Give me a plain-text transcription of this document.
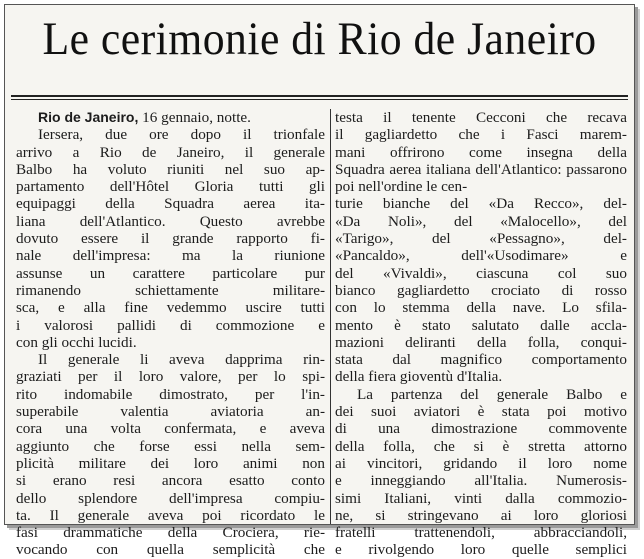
Le cerimonie di Rio de Janeiro
Rio de Janeiro, 16 gennaio, notte.
Iersera, due ore dopo il trionfale
arrivo a Rio de Janeiro, il generale
Balbo ha voluto riuniti nel suo ap-
partamento dell'Hôtel Gloria tutti gli
equipaggi della Squadra aerea ita-
liana dell'Atlantico. Questo avrebbe
dovuto essere il grande rapporto fi-
nale dell'impresa: ma la riunione
assunse un carattere particolare pur
rimanendo schiettamente militare-
sca, e alla fine vedemmo uscire tutti
i valorosi pallidi di commozione e
con gli occhi lucidi.
Il generale li aveva dapprima rin-
graziati per il loro valore, per lo spi-
rito indomabile dimostrato, per l'in-
superabile valentia aviatoria an-
cora una volta confermata, e aveva
aggiunto che forse essi nella sem-
plicità militare dei loro animi non
si erano resi ancora esatto conto
dello splendore dell'impresa compiu-
ta. Il generale aveva poi ricordato le
fasi drammatiche della Crociera, rie-
vocando con quella semplicità che
testa il tenente Cecconi che recava
il gagliardetto che i Fasci marem-
mani offrirono come insegna della
Squadra aerea italiana dell'Atlantico: passarono poi nell'ordine le cen-
turie bianche del «Da Recco», del-
«Da Noli», del «Malocello», del
«Tarigo», del «Pessagno», del-
«Pancaldo», dell'«Usodimare» e
del «Vivaldi», ciascuna col suo
bianco gagliardetto crociato di rosso
con lo stemma della nave. Lo sfila-
mento è stato salutato dalle accla-
mazioni deliranti della folla, conqui-
stata dal magnifico comportamento
della fiera gioventù d'Italia.
La partenza del generale Balbo e
dei suoi aviatori è stata poi motivo
di una dimostrazione commovente
della folla, che si è stretta attorno
ai vincitori, gridando il loro nome
e inneggiando all'Italia. Numerosis-
simi Italiani, vinti dalla commozio-
ne, si stringevano ai loro gloriosi
fratelli trattenendoli, abbracciandoli,
e rivolgendo loro quelle semplici
